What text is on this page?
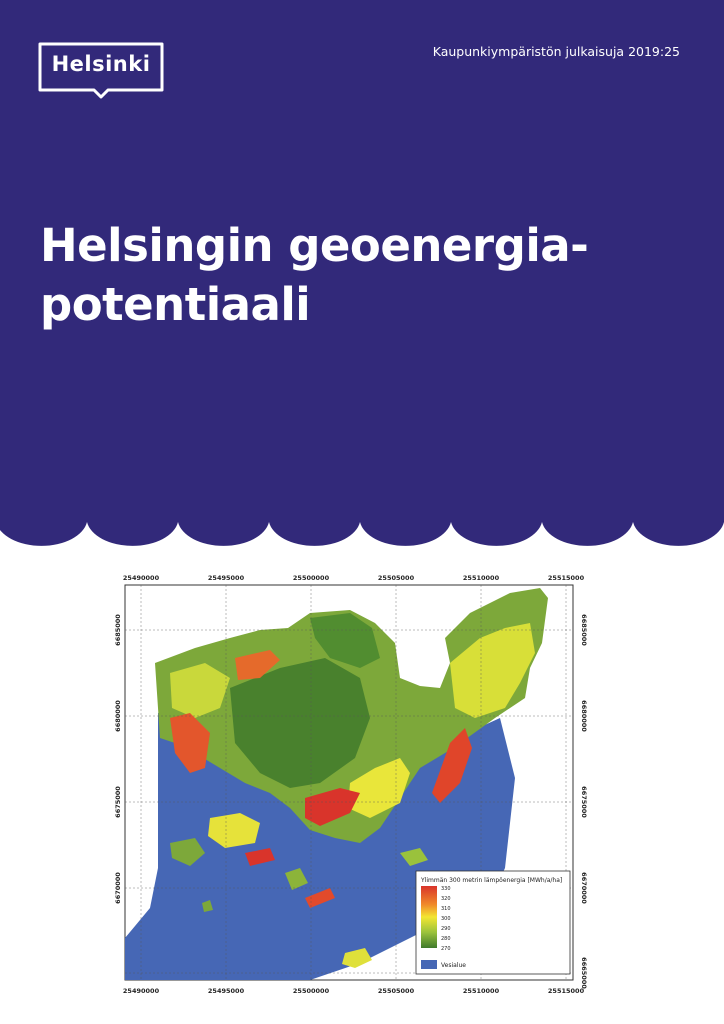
Helsinki
Kaupunkiympäristön julkaisuja 2019:25
Helsingin geoenergia-
potentiaali
25490000	25495000	25500000	25505000	25510000	25515000
25490000	25495000	25500000	25505000	25510000	25515000
6685000
6680000
6675000
6670000
6685000
6680000
6675000
6670000
6665000
Ylimmän 300 metrin lämpöenergia [MWh/a/ha]
330
320
310
300
290
280
270
Vesialue
